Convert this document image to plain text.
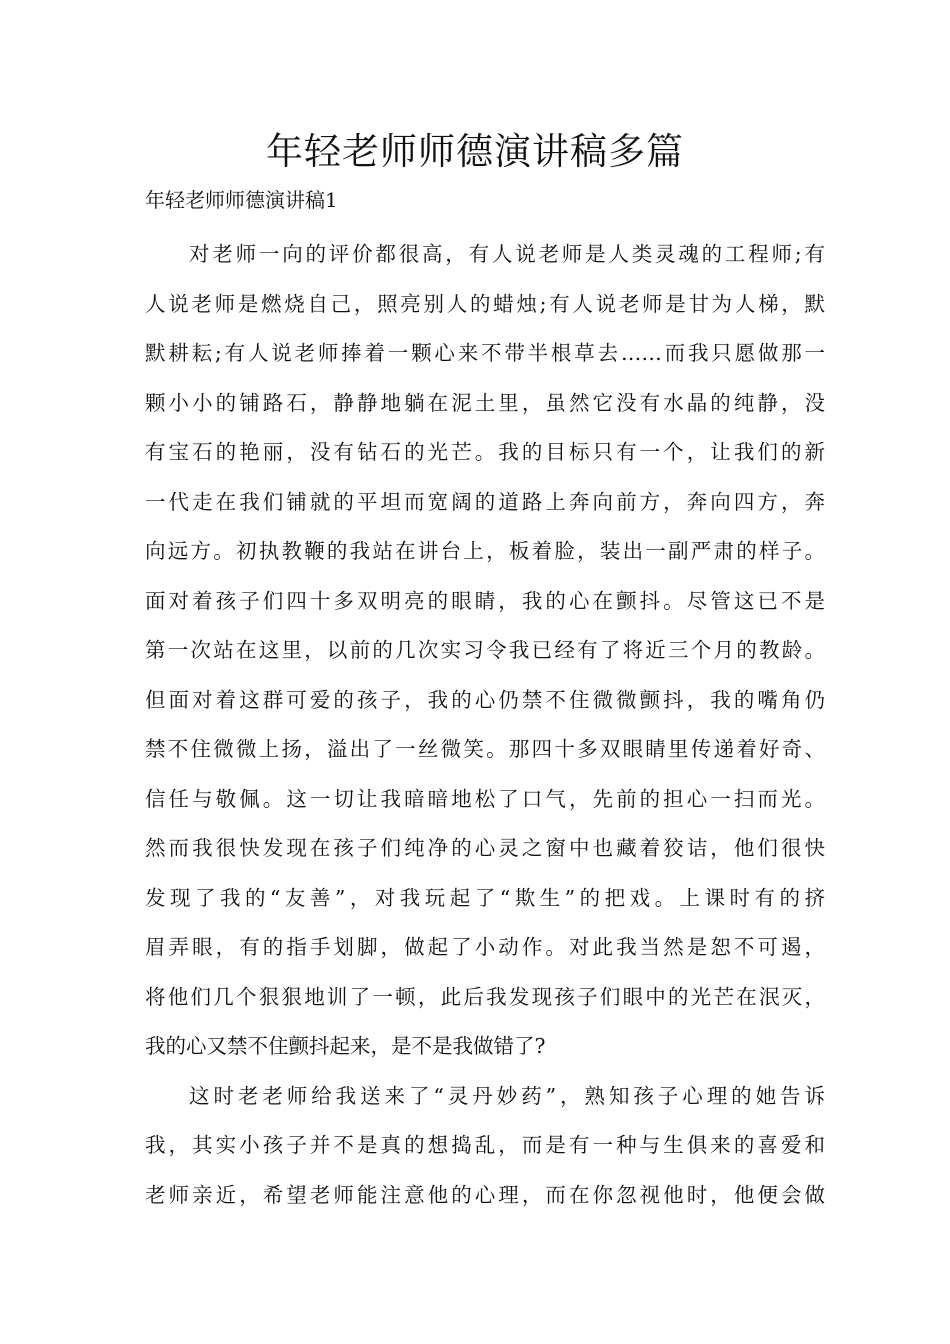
年轻老师师德演讲稿多篇
年轻老师师德演讲稿1
对老师一向的评价都很高，有人说老师是人类灵魂的工程师;有
人说老师是燃烧自己，照亮别人的蜡烛;有人说老师是甘为人梯，默
默耕耘;有人说老师捧着一颗心来不带半根草去……而我只愿做那一
颗小小的铺路石，静静地躺在泥土里，虽然它没有水晶的纯静，没
有宝石的艳丽，没有钻石的光芒。我的目标只有一个，让我们的新
一代走在我们铺就的平坦而宽阔的道路上奔向前方，奔向四方，奔
向远方。初执教鞭的我站在讲台上，板着脸，装出一副严肃的样子。
面对着孩子们四十多双明亮的眼睛，我的心在颤抖。尽管这已不是
第一次站在这里，以前的几次实习令我已经有了将近三个月的教龄。
但面对着这群可爱的孩子，我的心仍禁不住微微颤抖，我的嘴角仍
禁不住微微上扬，溢出了一丝微笑。那四十多双眼睛里传递着好奇、
信任与敬佩。这一切让我暗暗地松了口气，先前的担心一扫而光。
然而我很快发现在孩子们纯净的心灵之窗中也藏着狡诘，他们很快
发现了我的“友善”，对我玩起了“欺生”的把戏。上课时有的挤
眉弄眼，有的指手划脚，做起了小动作。对此我当然是恕不可遏，
将他们几个狠狠地训了一顿，此后我发现孩子们眼中的光芒在泯灭，
我的心又禁不住颤抖起来，是不是我做错了?
这时老老师给我送来了“灵丹妙药”，熟知孩子心理的她告诉
我，其实小孩子并不是真的想捣乱，而是有一种与生俱来的喜爱和
老师亲近，希望老师能注意他的心理，而在你忽视他时，他便会做
